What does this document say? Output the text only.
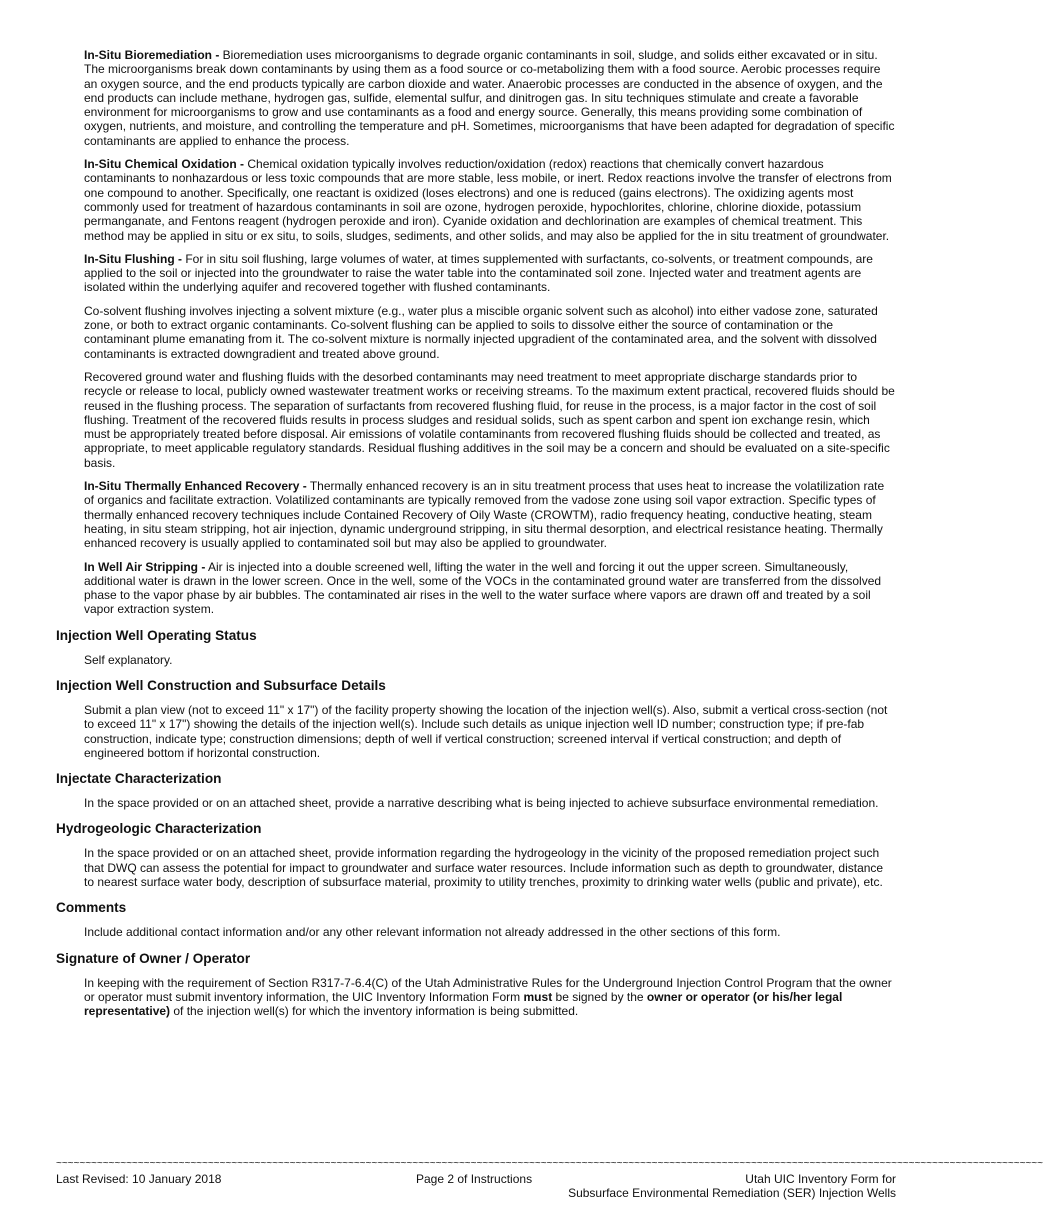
In-Situ Bioremediation - Bioremediation uses microorganisms to degrade organic contaminants in soil, sludge, and solids either excavated or in situ. The microorganisms break down contaminants by using them as a food source or co-metabolizing them with a food source. Aerobic processes require an oxygen source, and the end products typically are carbon dioxide and water. Anaerobic processes are conducted in the absence of oxygen, and the end products can include methane, hydrogen gas, sulfide, elemental sulfur, and dinitrogen gas. In situ techniques stimulate and create a favorable environment for microorganisms to grow and use contaminants as a food and energy source. Generally, this means providing some combination of oxygen, nutrients, and moisture, and controlling the temperature and pH. Sometimes, microorganisms that have been adapted for degradation of specific contaminants are applied to enhance the process.

In-Situ Chemical Oxidation - Chemical oxidation typically involves reduction/oxidation (redox) reactions that chemically convert hazardous contaminants to nonhazardous or less toxic compounds that are more stable, less mobile, or inert. Redox reactions involve the transfer of electrons from one compound to another. Specifically, one reactant is oxidized (loses electrons) and one is reduced (gains electrons). The oxidizing agents most commonly used for treatment of hazardous contaminants in soil are ozone, hydrogen peroxide, hypochlorites, chlorine, chlorine dioxide, potassium permanganate, and Fentons reagent (hydrogen peroxide and iron). Cyanide oxidation and dechlorination are examples of chemical treatment. This method may be applied in situ or ex situ, to soils, sludges, sediments, and other solids, and may also be applied for the in situ treatment of groundwater.

In-Situ Flushing - For in situ soil flushing, large volumes of water, at times supplemented with surfactants, co-solvents, or treatment compounds, are applied to the soil or injected into the groundwater to raise the water table into the contaminated soil zone. Injected water and treatment agents are isolated within the underlying aquifer and recovered together with flushed contaminants.

Co-solvent flushing involves injecting a solvent mixture (e.g., water plus a miscible organic solvent such as alcohol) into either vadose zone, saturated zone, or both to extract organic contaminants. Co-solvent flushing can be applied to soils to dissolve either the source of contamination or the contaminant plume emanating from it. The co-solvent mixture is normally injected upgradient of the contaminated area, and the solvent with dissolved contaminants is extracted downgradient and treated above ground.

Recovered ground water and flushing fluids with the desorbed contaminants may need treatment to meet appropriate discharge standards prior to recycle or release to local, publicly owned wastewater treatment works or receiving streams. To the maximum extent practical, recovered fluids should be reused in the flushing process. The separation of surfactants from recovered flushing fluid, for reuse in the process, is a major factor in the cost of soil flushing. Treatment of the recovered fluids results in process sludges and residual solids, such as spent carbon and spent ion exchange resin, which must be appropriately treated before disposal. Air emissions of volatile contaminants from recovered flushing fluids should be collected and treated, as appropriate, to meet applicable regulatory standards. Residual flushing additives in the soil may be a concern and should be evaluated on a site-specific basis.

In-Situ Thermally Enhanced Recovery - Thermally enhanced recovery is an in situ treatment process that uses heat to increase the volatilization rate of organics and facilitate extraction. Volatilized contaminants are typically removed from the vadose zone using soil vapor extraction. Specific types of thermally enhanced recovery techniques include Contained Recovery of Oily Waste (CROWTM), radio frequency heating, conductive heating, steam heating, in situ steam stripping, hot air injection, dynamic underground stripping, in situ thermal desorption, and electrical resistance heating. Thermally enhanced recovery is usually applied to contaminated soil but may also be applied to groundwater.

In Well Air Stripping - Air is injected into a double screened well, lifting the water in the well and forcing it out the upper screen. Simultaneously, additional water is drawn in the lower screen. Once in the well, some of the VOCs in the contaminated ground water are transferred from the dissolved phase to the vapor phase by air bubbles. The contaminated air rises in the well to the water surface where vapors are drawn off and treated by a soil vapor extraction system.

Injection Well Operating Status

Self explanatory.

Injection Well Construction and Subsurface Details

Submit a plan view (not to exceed 11" x 17") of the facility property showing the location of the injection well(s). Also, submit a vertical cross-section (not to exceed 11" x 17") showing the details of the injection well(s). Include such details as unique injection well ID number; construction type; if pre-fab construction, indicate type; construction dimensions; depth of well if vertical construction; screened interval if vertical construction; and depth of engineered bottom if horizontal construction.

Injectate Characterization

In the space provided or on an attached sheet, provide a narrative describing what is being injected to achieve subsurface environmental remediation.

Hydrogeologic Characterization

In the space provided or on an attached sheet, provide information regarding the hydrogeology in the vicinity of the proposed remediation project such that DWQ can assess the potential for impact to groundwater and surface water resources. Include information such as depth to groundwater, distance to nearest surface water body, description of subsurface material, proximity to utility trenches, proximity to drinking water wells (public and private), etc.

Comments

Include additional contact information and/or any other relevant information not already addressed in the other sections of this form.

Signature of Owner / Operator

In keeping with the requirement of Section R317-7-6.4(C) of the Utah Administrative Rules for the Underground Injection Control Program that the owner or operator must submit inventory information, the UIC Inventory Information Form must be signed by the owner or operator (or his/her legal representative) of the injection well(s) for which the inventory information is being submitted.

~~~~~~~~~~~~~~~~~~~~~~~~~~~~~~~~~~~~~~~~~~~~~~~~~~~~~~~~~~~~~~~~~~~~~~~~~~~~~~~~~~~~~~~~~~~~~~~~~~~~~~~~~~~~~~~~~~~~~~~~~~~~~~~~~~~~~~~~~~~~~~~~~~~~~~~~~~~~~~~~~~~~~~~~~
Last Revised: 10 January 2018	Page 2 of Instructions	Utah UIC Inventory Form for
Subsurface Environmental Remediation (SER) Injection Wells
